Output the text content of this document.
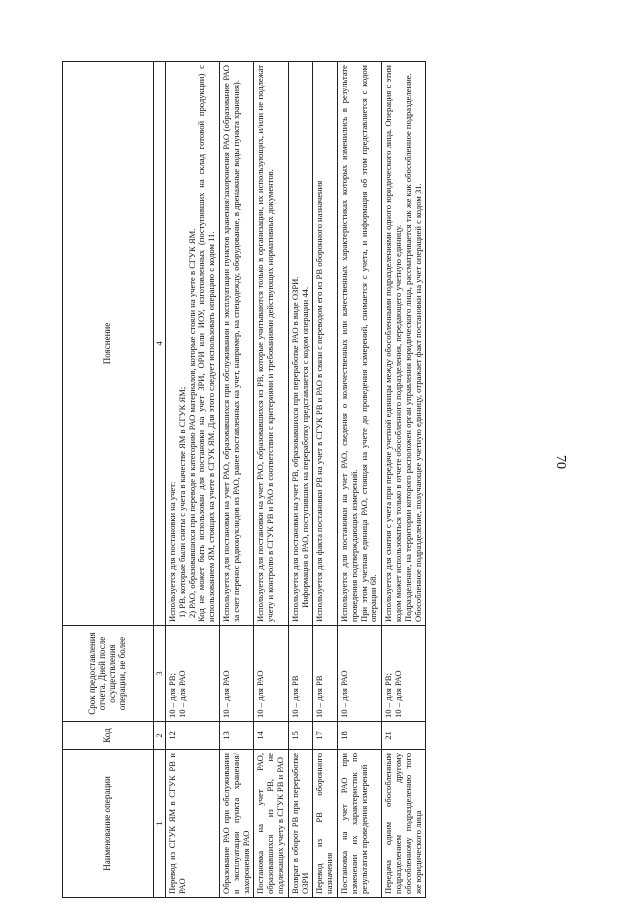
70
Наименование операции	Код	Срок предоставления отчета. Дней после осуществления операции, не более	Пояснение
1	2	3	4
Перевод из СГУК ЯМ в СГУК РВ и РАО	12	10 – для РВ; 10 – для РАО	Используется для постановки на учет: 1) РВ, которые были сняты с учета в качестве ЯМ в СГУК ЯМ; 2) РАО, образовавшихся при переводе в категорию РАО материалов, которые стояли на учете в СГУК ЯМ. Код не может быть использован для постановки на учет ЗРИ, ОРИ или ИОУ, изготовленных (поступивших на склад готовой продукции) с использованием ЯМ, стоящих на учете в СГУК ЯМ. Для этого следует использовать операцию с кодом 11.

Образование РАО при обслуживании и эксплуатации пункта хранения/ захоронения РАО	13	10 – для РАО	Используется для постановки на учет РАО, образовавшихся при обслуживании и эксплуатации пунктов хранения/захоронения РАО (образование РАО за счет перенос радионуклидов из РАО, ранее поставленных на учет, например, на спецодежду, оборудование, в дренажные воды пункта хранения).

Постановка на учет РАО, образовавшихся из РВ, не подлежащих учету в СГУК РВ и РАО	14	10 – для РАО	Используется для постановки на учет РАО, образовавшихся из РВ, которые учитываются только в организации, их использующих, и/или не подлежат учету и контролю в СГУК РВ и РАО в соответствии с критериями и требованиями действующих нормативных документов.

Возврат в оборот РВ при переработке ОЗРИ	15	10 – для РВ	Используется для постановки на учет РВ, образовавшихся при переработке РАО в виде ОЗРИ. Информация о РАО, поступивших на переработку представляется с кодом операции 44.

Перевод из РВ оборонного назначения	17	10 – для РВ	Используется для факта постановки РВ на учет в СГУК РВ и РАО в связи с переводом его из РВ оборонного назначения

Постановка на учет РАО при изменении их характеристик по результатам проведения измерений	18	10 – для РАО	Используется для постановки на учет РАО, сведения о количественных или качественных характеристиках которых изменились в результате проведения подтверждающих измерений. При этом учетная единица РАО, стоящая на учете до проведения измерений, снимается с учета, и информация об этом представляется с кодом операции 68.

Передача одним обособленным подразделением другому обособленному подразделению того же юридического лица	21	10 – для РВ; 10 – для РАО	Используется для снятия с учета при передаче учетной единицы между обособленными подразделениями одного юридического лица. Операция с этим кодом может использоваться только в отчете обособленного подразделения, передающего учетную единицу. Подразделение, на территории которого расположен орган управления юридического лица, рассматривается так же как обособленное подразделение. Обособленное подразделение, получающее учетную единицу, отражает факт постановки на учет операцией с кодом 31.
